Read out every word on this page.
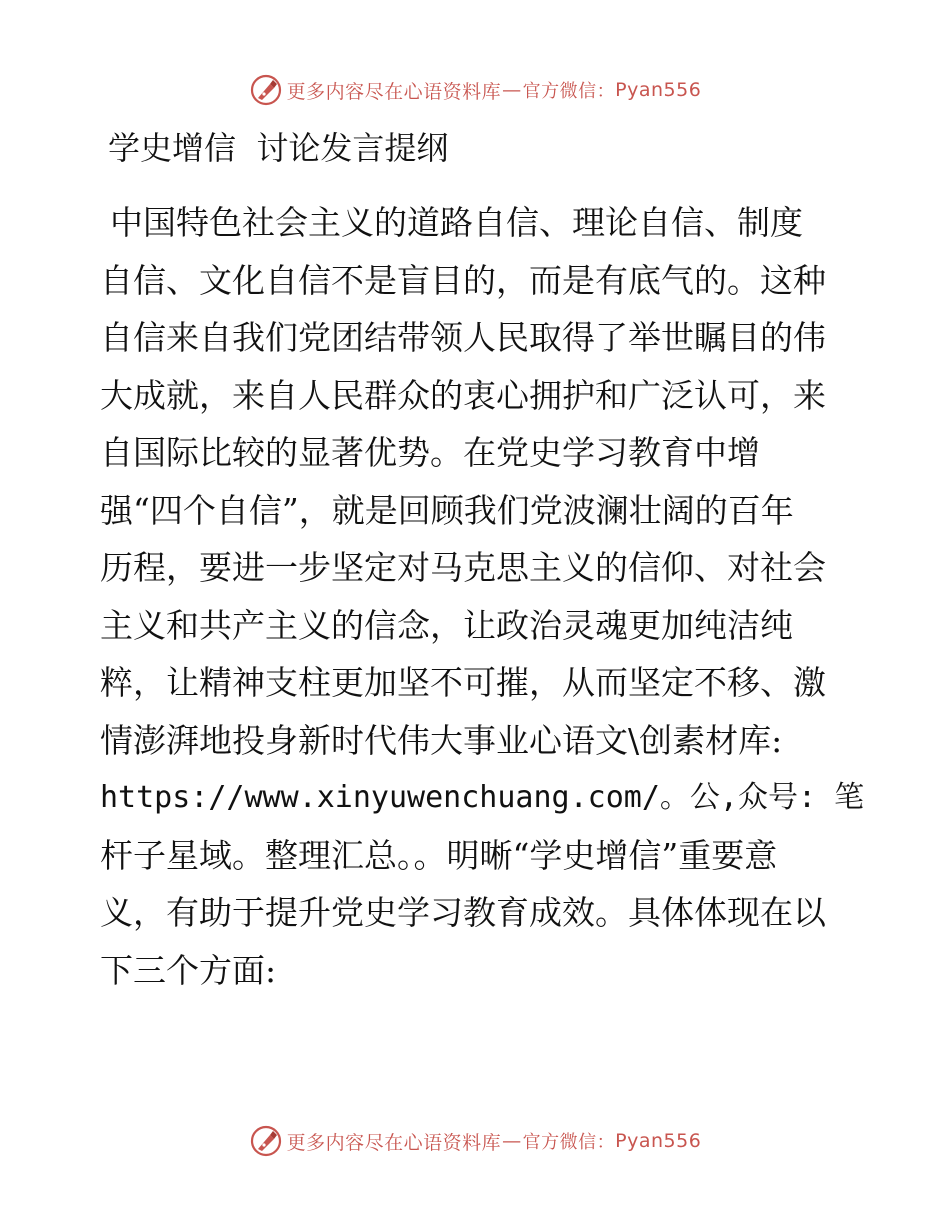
更多内容尽在心语资料库 — 官方微信： Pyan556
学史增信  讨论发言提纲
中国特色社会主义的道路自信、理论自信、制度
自信、文化自信不是盲目的，而是有底气的。这种
自信来自我们党团结带领人民取得了举世瞩目的伟
大成就，来自人民群众的衷心拥护和广泛认可，来
自国际比较的显著优势。在党史学习教育中增
强“四个自信”，就是回顾我们党波澜壮阔的百年
历程，要进一步坚定对马克思主义的信仰、对社会
主义和共产主义的信念，让政治灵魂更加纯洁纯
粹，让精神支柱更加坚不可摧，从而坚定不移、激
情澎湃地投身新时代伟大事业心语文\创素材库:
https://www.xinyuwenchuang.com/。公,众号: 笔
杆子星域。整理汇总。。明晰“学史增信”重要意
义，有助于提升党史学习教育成效。具体体现在以
下三个方面:
更多内容尽在心语资料库 — 官方微信： Pyan556
